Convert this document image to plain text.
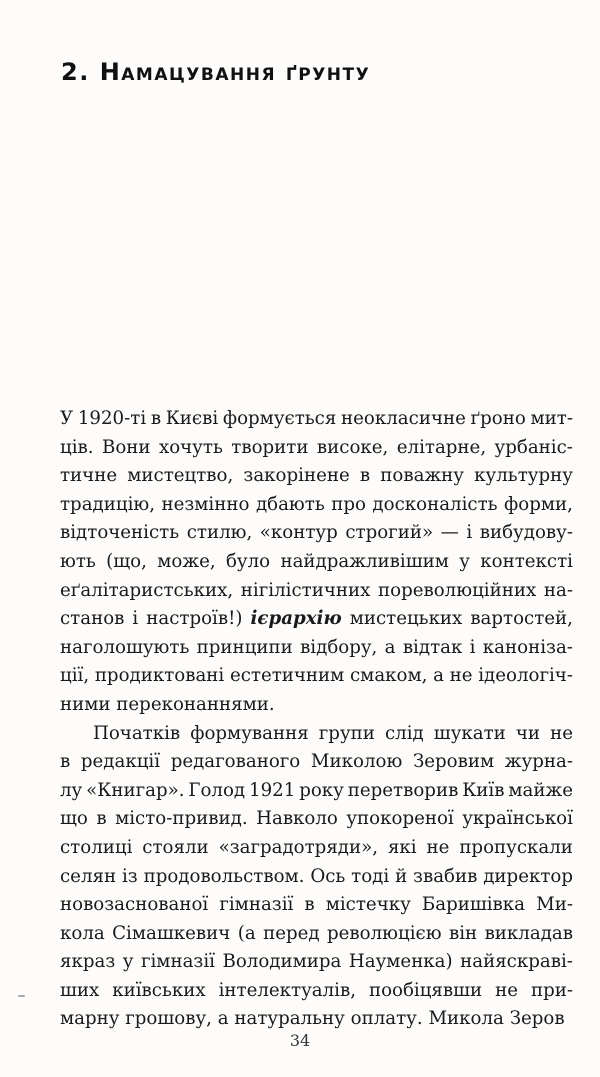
2. Намацування ґрунту
У 1920-ті в Києві формується неокласичне ґроно мит-
ців. Вони хочуть творити високе, елітарне, урбаніс-
тичне мистецтво, закорінене в поважну культурну
традицію, незмінно дбають про досконалість форми,
відточеність стилю, «контур строгий» — і вибудову-
ють (що, може, було найдражливішим у контексті
еґалітаристських, нігілістичних пореволюційних на-
станов і настроїв!) ієрархію мистецьких вартостей,
наголошують принципи відбору, а відтак і канoніза-
ції, продиктовані естетичним смаком, а не ідеологіч-
ними переконаннями.
Початків формування групи слід шукати чи не
в редакції редагованого Миколою Зеровим журна-
лу «Книгар». Голод 1921 року перетворив Київ майже
що в місто-привид. Навколо упокореної української
столиці стояли «заградотряди», які не пропускали
селян із продовольством. Ось тоді й звабив директор
новозаснованої гімназії в містечку Баришівка Ми-
кола Сімашкевич (а перед революцією він викладав
якраз у гімназії Володимира Науменка) найяскраві-
ших київських інтелектуалів, пообіцявши не при-
марну грошову, а натуральну оплату. Микола Зеров
34
